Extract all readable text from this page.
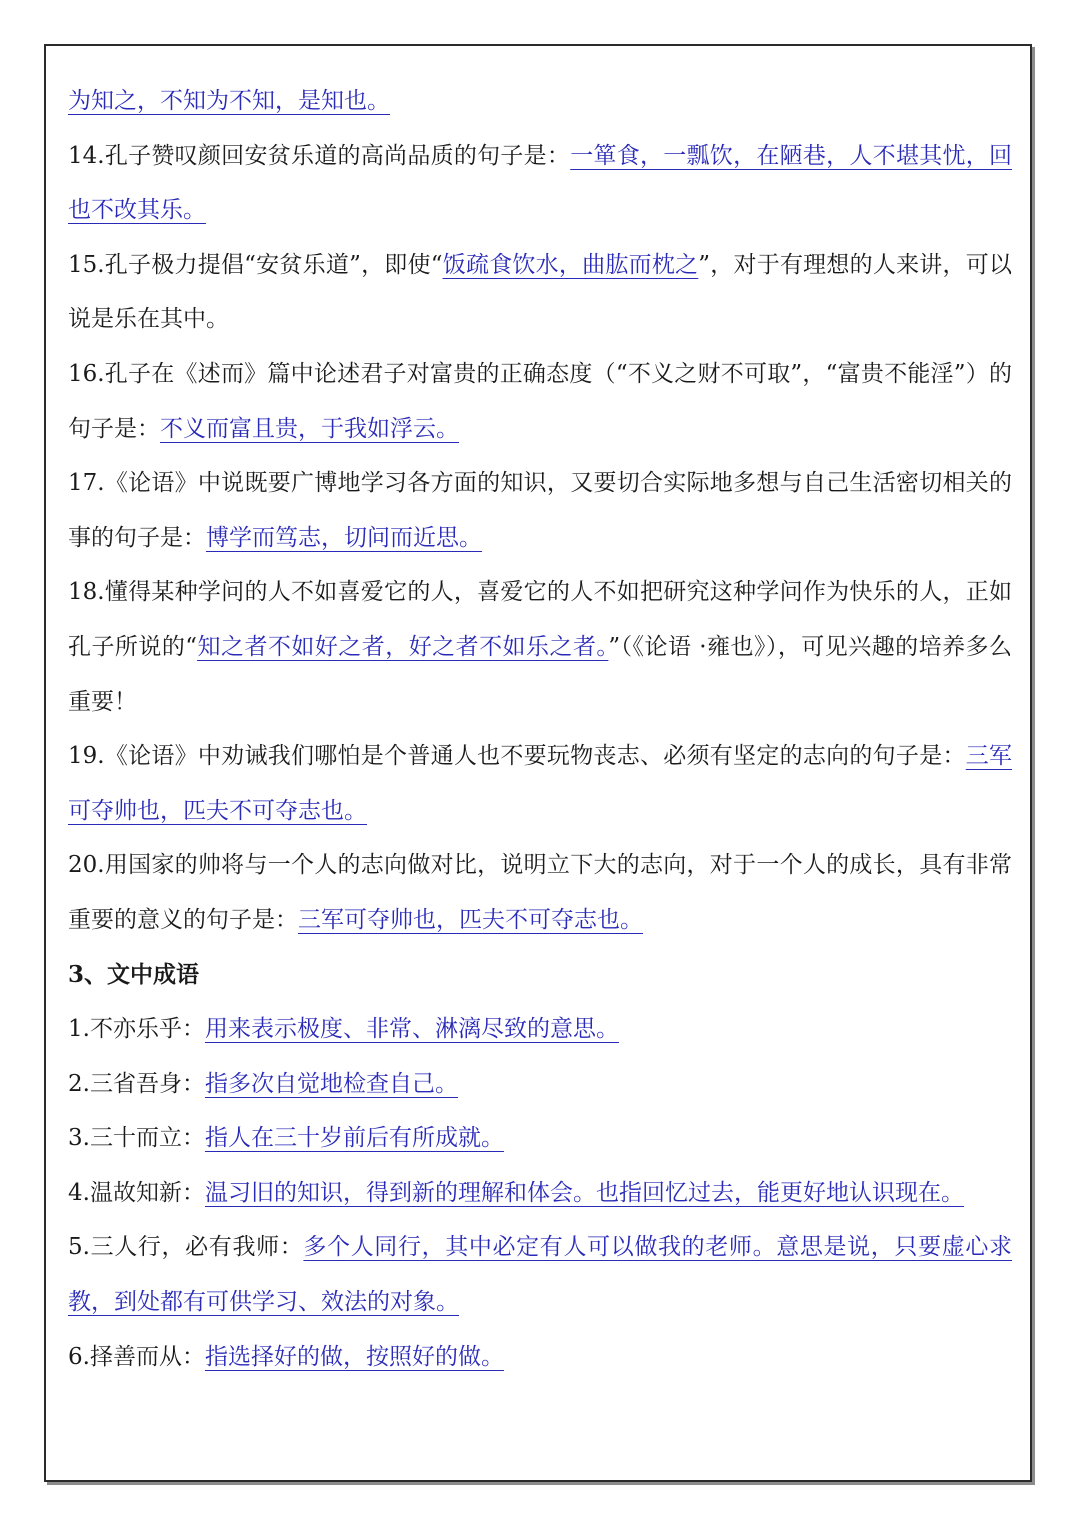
为知之，不知为不知，是知也。

14.孔子赞叹颜回安贫乐道的高尚品质的句子是：一箪食，一瓢饮，在陋巷，人不堪其忧，回也不改其乐。

15.孔子极力提倡“安贫乐道”，即使“饭疏食饮水，曲肱而枕之”，对于有理想的人来讲，可以说是乐在其中。

16.孔子在《述而》篇中论述君子对富贵的正确态度（“不义之财不可取”，“富贵不能淫”）的句子是：不义而富且贵，于我如浮云。

17.《论语》中说既要广博地学习各方面的知识，又要切合实际地多想与自己生活密切相关的事的句子是：博学而笃志，切问而近思。

18.懂得某种学问的人不如喜爱它的人，喜爱它的人不如把研究这种学问作为快乐的人，正如孔子所说的“知之者不如好之者，好之者不如乐之者。”（《论语 ·雍也》），可见兴趣的培养多么重要！

19.《论语》中劝诫我们哪怕是个普通人也不要玩物丧志、必须有坚定的志向的句子是：三军可夺帅也，匹夫不可夺志也。

20.用国家的帅将与一个人的志向做对比，说明立下大的志向，对于一个人的成长，具有非常重要的意义的句子是：三军可夺帅也，匹夫不可夺志也。

3、文中成语

1.不亦乐乎：用来表示极度、非常、淋漓尽致的意思。

2.三省吾身：指多次自觉地检查自己。

3.三十而立：指人在三十岁前后有所成就。

4.温故知新：温习旧的知识，得到新的理解和体会。也指回忆过去，能更好地认识现在。

5.三人行，必有我师：多个人同行，其中必定有人可以做我的老师。意思是说，只要虚心求教，到处都有可供学习、效法的对象。

6.择善而从：指选择好的做，按照好的做。
